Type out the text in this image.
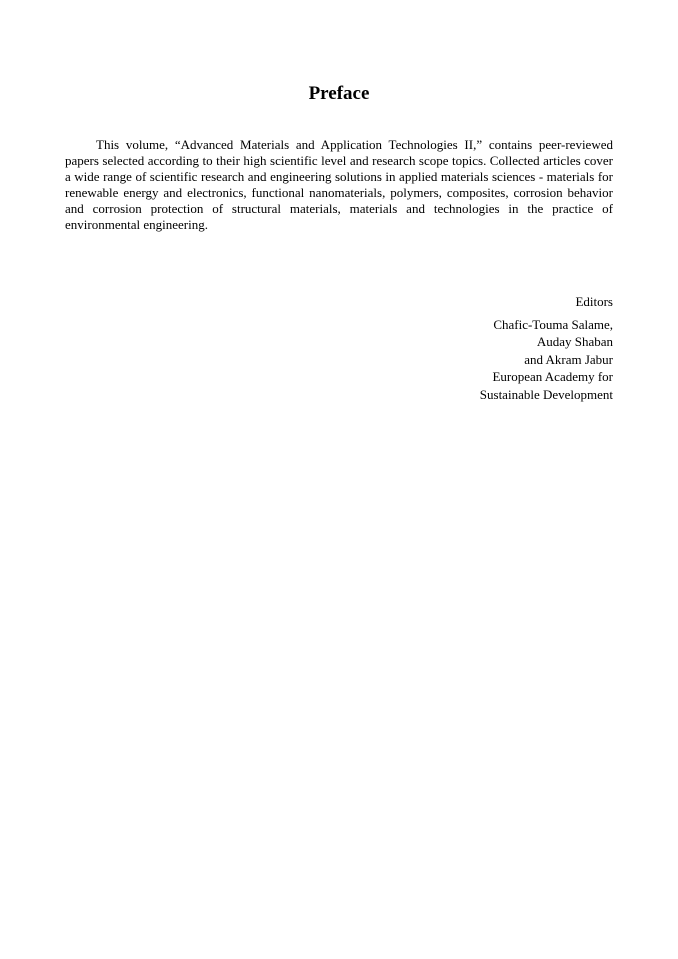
Preface

This volume, “Advanced Materials and Application Technologies II,” contains peer-reviewed papers selected according to their high scientific level and research scope topics. Collected articles cover a wide range of scientific research and engineering solutions in applied materials sciences - materials for renewable energy and electronics, functional nanomaterials, polymers, composites, corrosion behavior and corrosion protection of structural materials, materials and technologies in the practice of environmental engineering.

Editors
Chafic-Touma Salame,
Auday Shaban
and Akram Jabur
European Academy for
Sustainable Development
